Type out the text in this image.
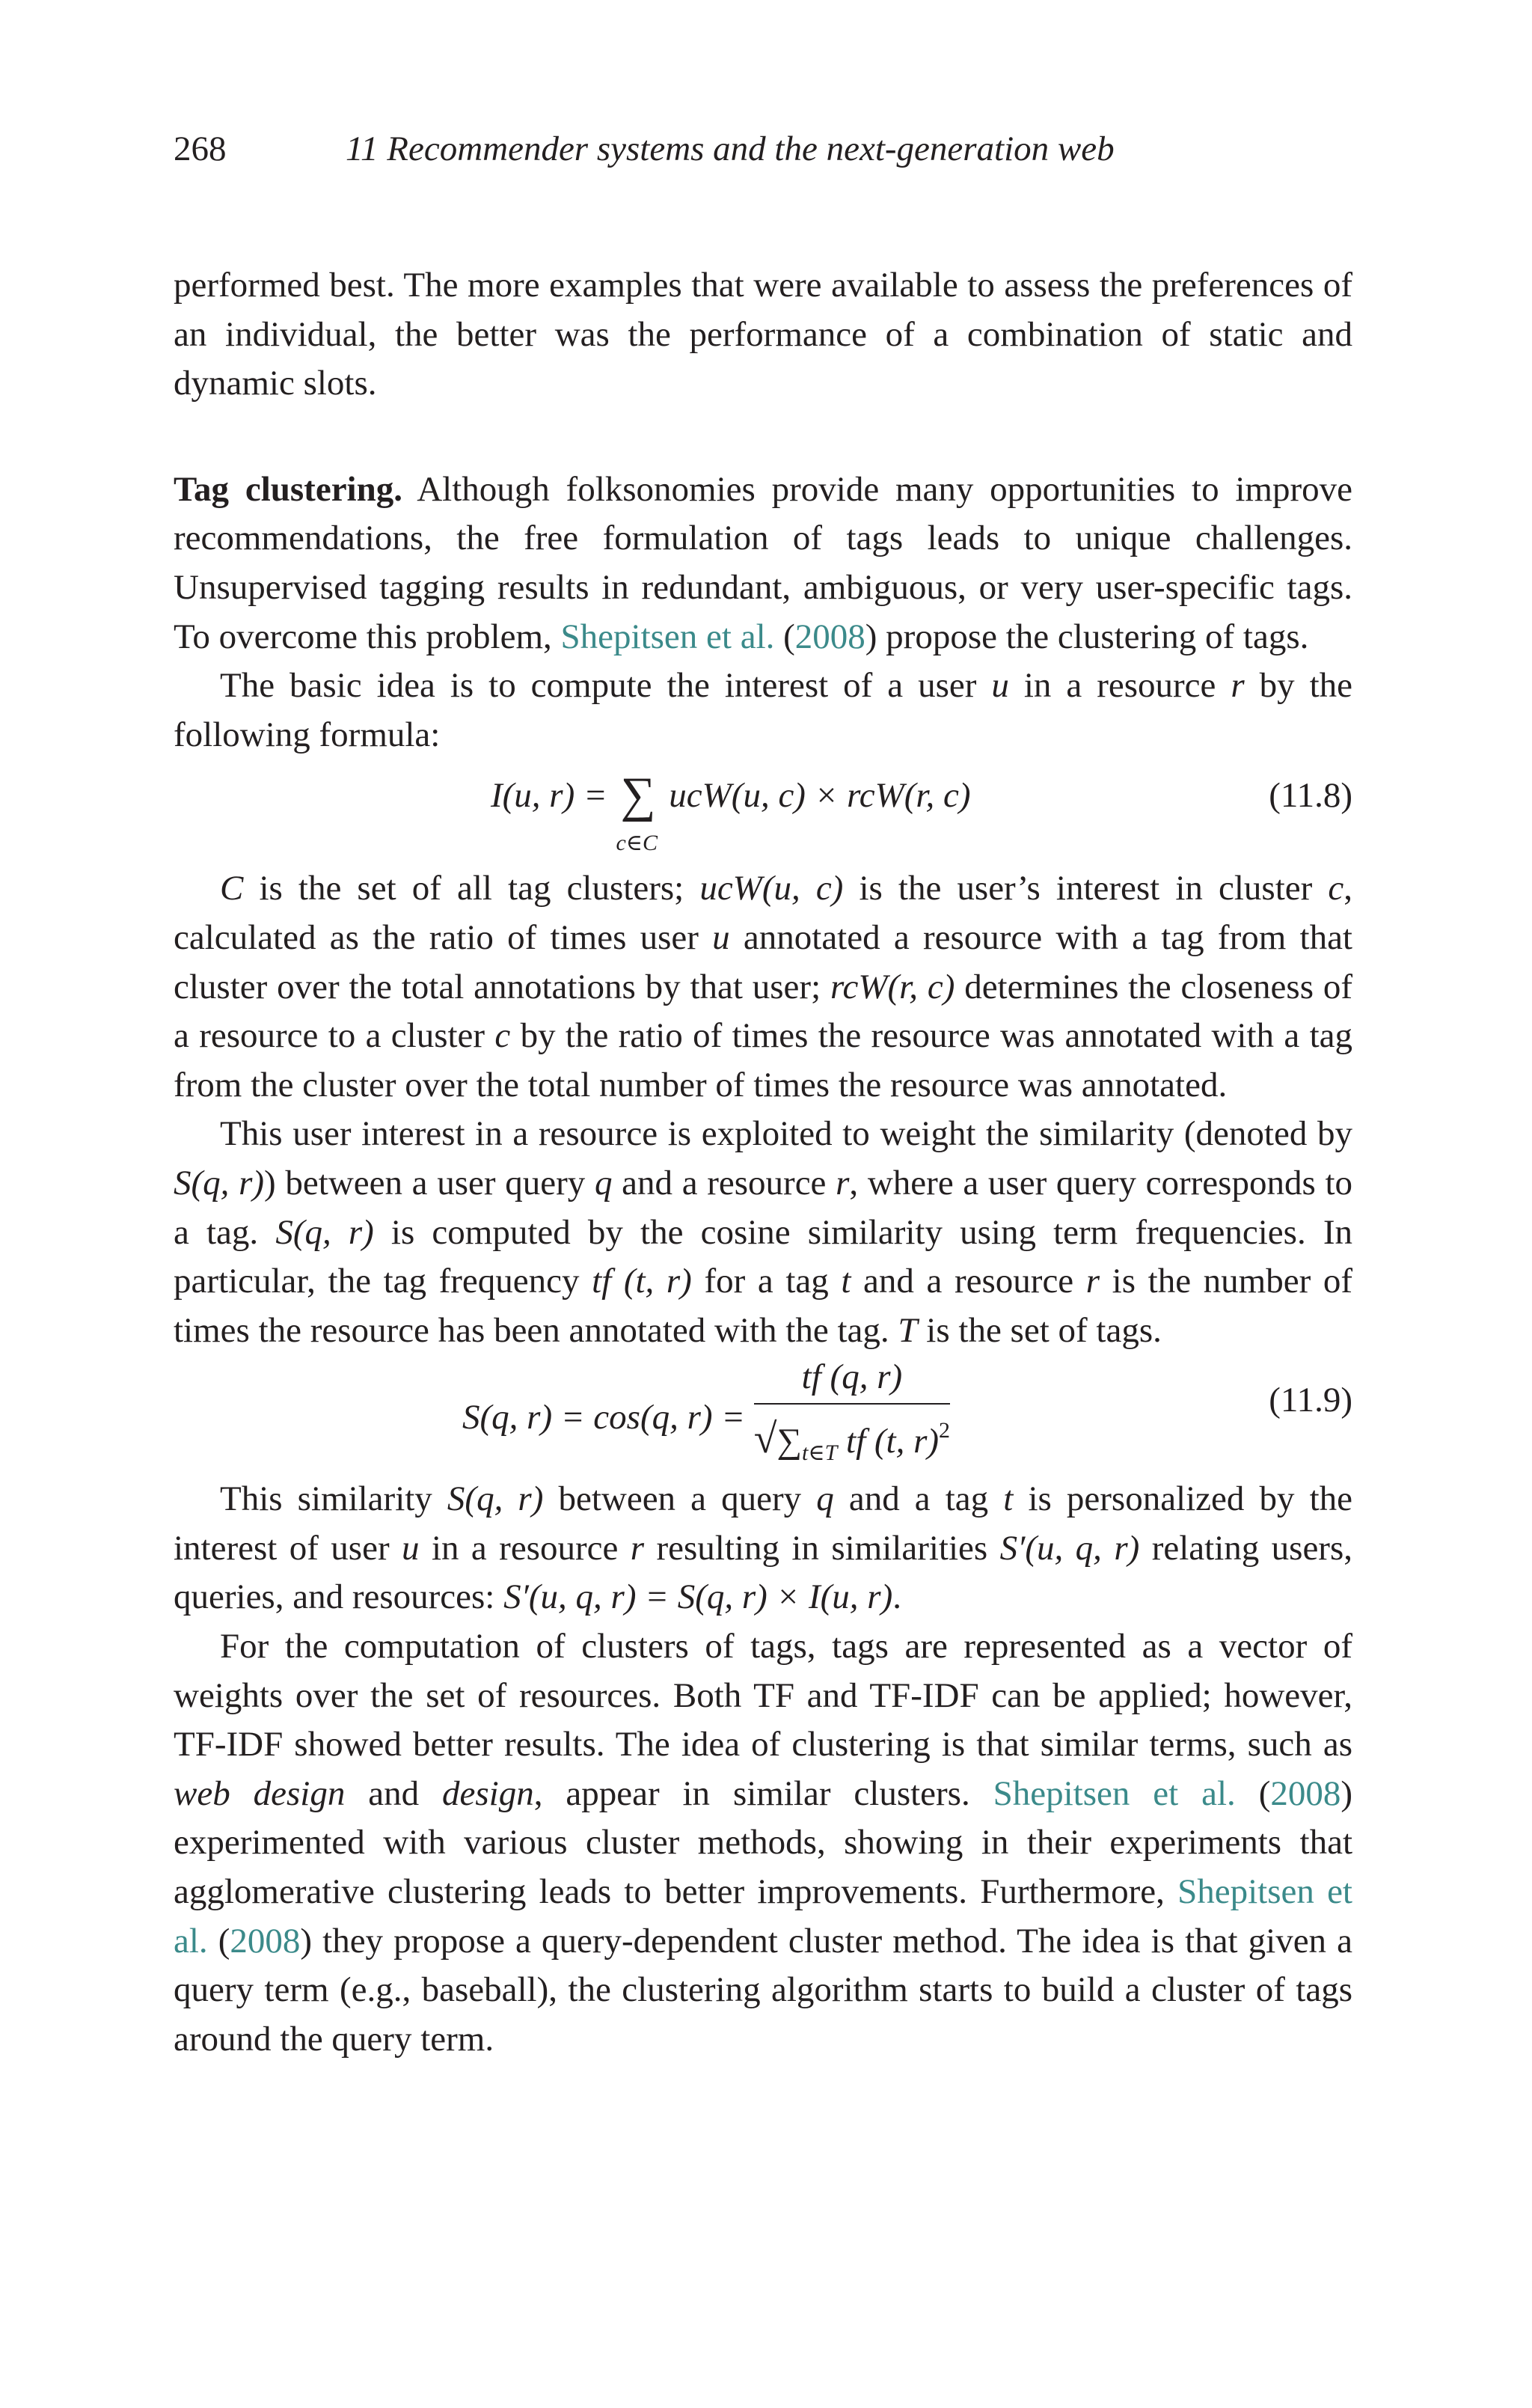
268	11 Recommender systems and the next-generation web

performed best. The more examples that were available to assess the preferences of an individual, the better was the performance of a combination of static and dynamic slots.

Tag clustering. Although folksonomies provide many opportunities to improve recommendations, the free formulation of tags leads to unique challenges. Unsupervised tagging results in redundant, ambiguous, or very user-specific tags. To overcome this problem, Shepitsen et al. (2008) propose the clustering of tags.

The basic idea is to compute the interest of a user u in a resource r by the following formula:

I(u, r) = ∑
c∈C
ucW(u, c) × rcW(r, c)	(11.8)

C is the set of all tag clusters; ucW(u, c) is the user’s interest in cluster c, calculated as the ratio of times user u annotated a resource with a tag from that cluster over the total annotations by that user; rcW(r, c) determines the closeness of a resource to a cluster c by the ratio of times the resource was annotated with a tag from the cluster over the total number of times the resource was annotated.

This user interest in a resource is exploited to weight the similarity (denoted by S(q, r)) between a user query q and a resource r, where a user query corresponds to a tag. S(q, r) is computed by the cosine similarity using term frequencies. In particular, the tag frequency tf (t, r) for a tag t and a resource r is the number of times the resource has been annotated with the tag. T is the set of tags.

S(q, r) = cos(q, $r) = \frac{tf (q, r)}{√\sum_{t\in T} tf (t, r)^2}$	(11.9)

This similarity S(q, r) between a query q and a tag t is personalized by the interest of user u in a resource r resulting in similarities S′(u, q, r) relating users, queries, and resources: S′(u, q, r) = S(q, r) × I(u, r).

For the computation of clusters of tags, tags are represented as a vector of weights over the set of resources. Both TF and TF-IDF can be applied; however, TF-IDF showed better results. The idea of clustering is that similar terms, such as web design and design, appear in similar clusters. Shepitsen et al. (2008) experimented with various cluster methods, showing in their experiments that agglomerative clustering leads to better improvements. Furthermore, Shepitsen et al. (2008) they propose a query-dependent cluster method. The idea is that given a query term (e.g., baseball), the clustering algorithm starts to build a cluster of tags around the query term.
